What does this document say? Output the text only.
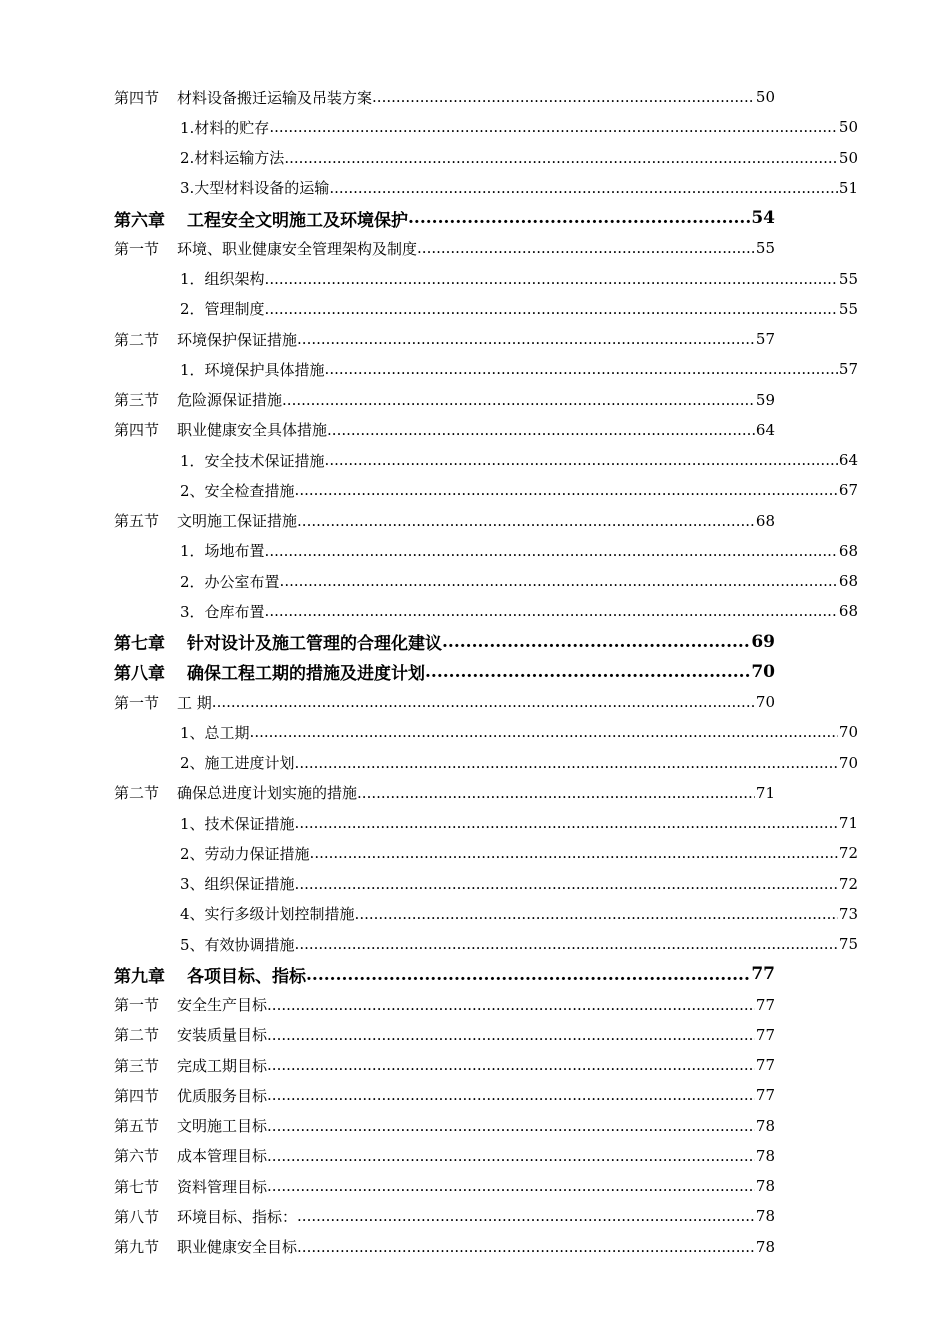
第四节 材料设备搬迁运输及吊装方案 .....	50
1.材料的贮存 .....	50
2.材料运输方法 .....	50
3.大型材料设备的运输 .....	51
第六章 工程安全文明施工及环境保护 .....	54
第一节 环境、职业健康安全管理架构及制度 .....	55
1．组织架构 .....	55
2．管理制度 .....	55
第二节 环境保护保证措施 .....	57
1．环境保护具体措施 .....	57
第三节 危险源保证措施 .....	59
第四节 职业健康安全具体措施 .....	64
1．安全技术保证措施 .....	64
2、安全检查措施 .....	67
第五节 文明施工保证措施 .....	68
1．场地布置 .....	68
2．办公室布置 .....	68
3．仓库布置 .....	68
第七章 针对设计及施工管理的合理化建议 .....	69
第八章 确保工程工期的措施及进度计划 .....	70
第一节 工 期 .....	70
1、总工期 .....	70
2、施工进度计划 .....	70
第二节 确保总进度计划实施的措施 .....	71
1、技术保证措施 .....	71
2、劳动力保证措施 .....	72
3、组织保证措施 .....	72
4、实行多级计划控制措施 .....	73
5、有效协调措施 .....	75
第九章 各项目标、指标 .....	77
第一节 安全生产目标 .....	77
第二节 安装质量目标 .....	77
第三节 完成工期目标 .....	77
第四节 优质服务目标 .....	77
第五节 文明施工目标 .....	78
第六节 成本管理目标 .....	78
第七节 资料管理目标 .....	78
第八节 环境目标、指标： .....	78
第九节 职业健康安全目标 .....	78
